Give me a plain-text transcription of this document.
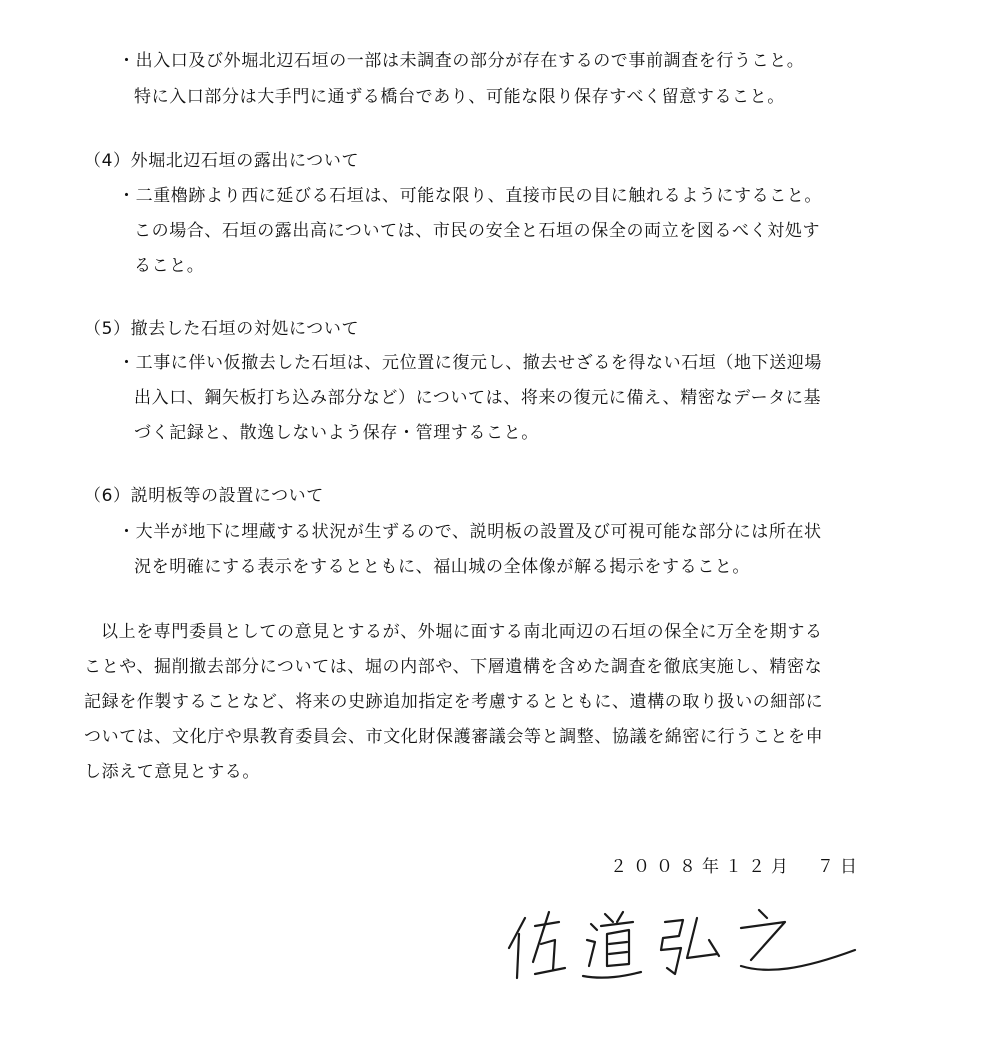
・出入口及び外堀北辺石垣の一部は未調査の部分が存在するので事前調査を行うこと。
特に入口部分は大手門に通ずる橋台であり、可能な限り保存すべく留意すること。
（4）外堀北辺石垣の露出について
・二重櫓跡より西に延びる石垣は、可能な限り、直接市民の目に触れるようにすること。
この場合、石垣の露出高については、市民の安全と石垣の保全の両立を図るべく対処す
ること。
（5）撤去した石垣の対処について
・工事に伴い仮撤去した石垣は、元位置に復元し、撤去せざるを得ない石垣（地下送迎場
出入口、鋼矢板打ち込み部分など）については、将来の復元に備え、精密なデータに基
づく記録と、散逸しないよう保存・管理すること。
（6）説明板等の設置について
・大半が地下に埋蔵する状況が生ずるので、説明板の設置及び可視可能な部分には所在状
況を明確にする表示をするとともに、福山城の全体像が解る掲示をすること。
以上を専門委員としての意見とするが、外堀に面する南北両辺の石垣の保全に万全を期する
ことや、掘削撤去部分については、堀の内部や、下層遺構を含めた調査を徹底実施し、精密な
記録を作製することなど、将来の史跡追加指定を考慮するとともに、遺構の取り扱いの細部に
ついては、文化庁や県教育委員会、市文化財保護審議会等と調整、協議を綿密に行うことを申
し添えて意見とする。
２００８年１２月　７日
